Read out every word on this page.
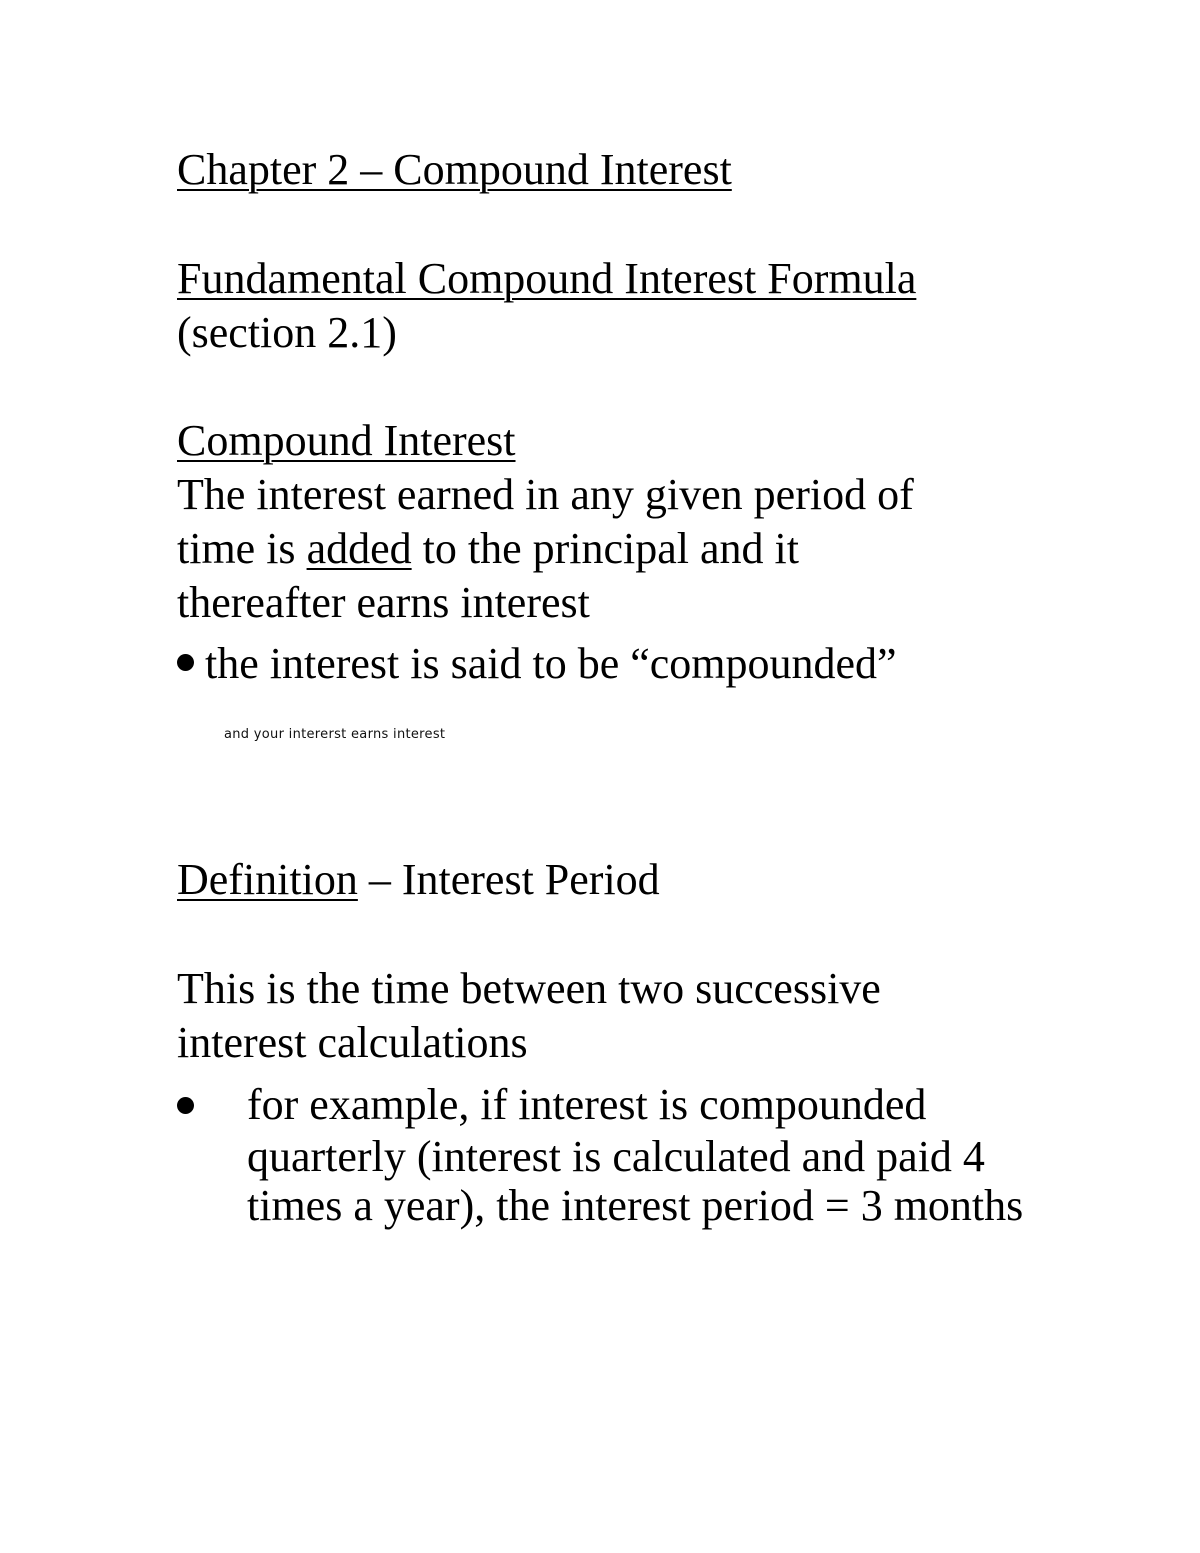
Chapter 2 – Compound Interest
Fundamental Compound Interest Formula
(section 2.1)
Compound Interest
The interest earned in any given period of
time is added to the principal and it
thereafter earns interest
the interest is said to be “compounded”
and your intererst earns interest
Definition – Interest Period
This is the time between two successive
interest calculations
for example, if interest is compounded
quarterly (interest is calculated and paid 4
times a year), the interest period = 3 months
